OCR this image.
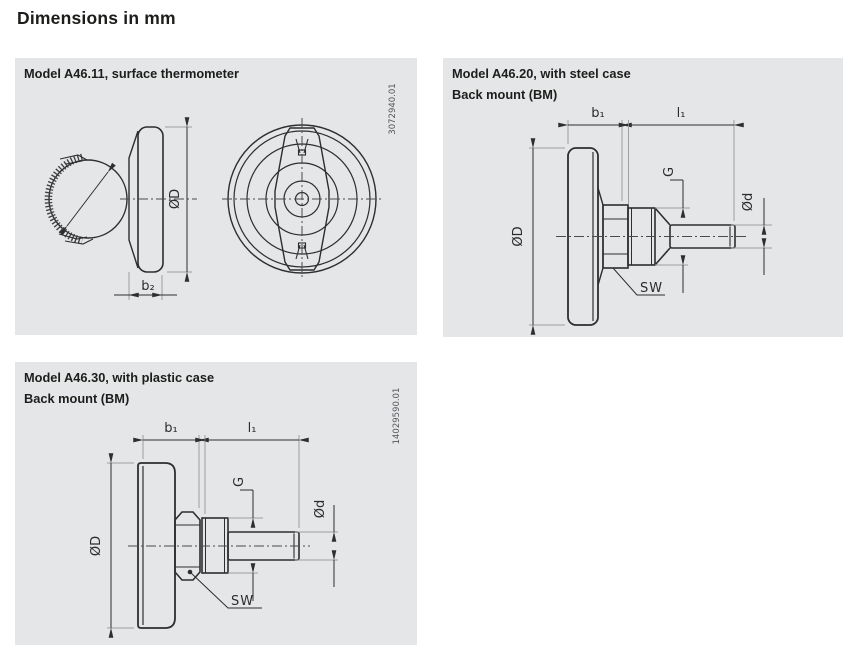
Dimensions in mm
Model A46.11, surface thermometer
ØD
b₂
3072940.01
Model A46.20, with steel case
Back mount (BM)
ØD
b₁	l₁
G
Ød
SW
Model A46.30, with plastic case
Back mount (BM)
ØD
b₁	l₁
G
Ød
SW
14029590.01
